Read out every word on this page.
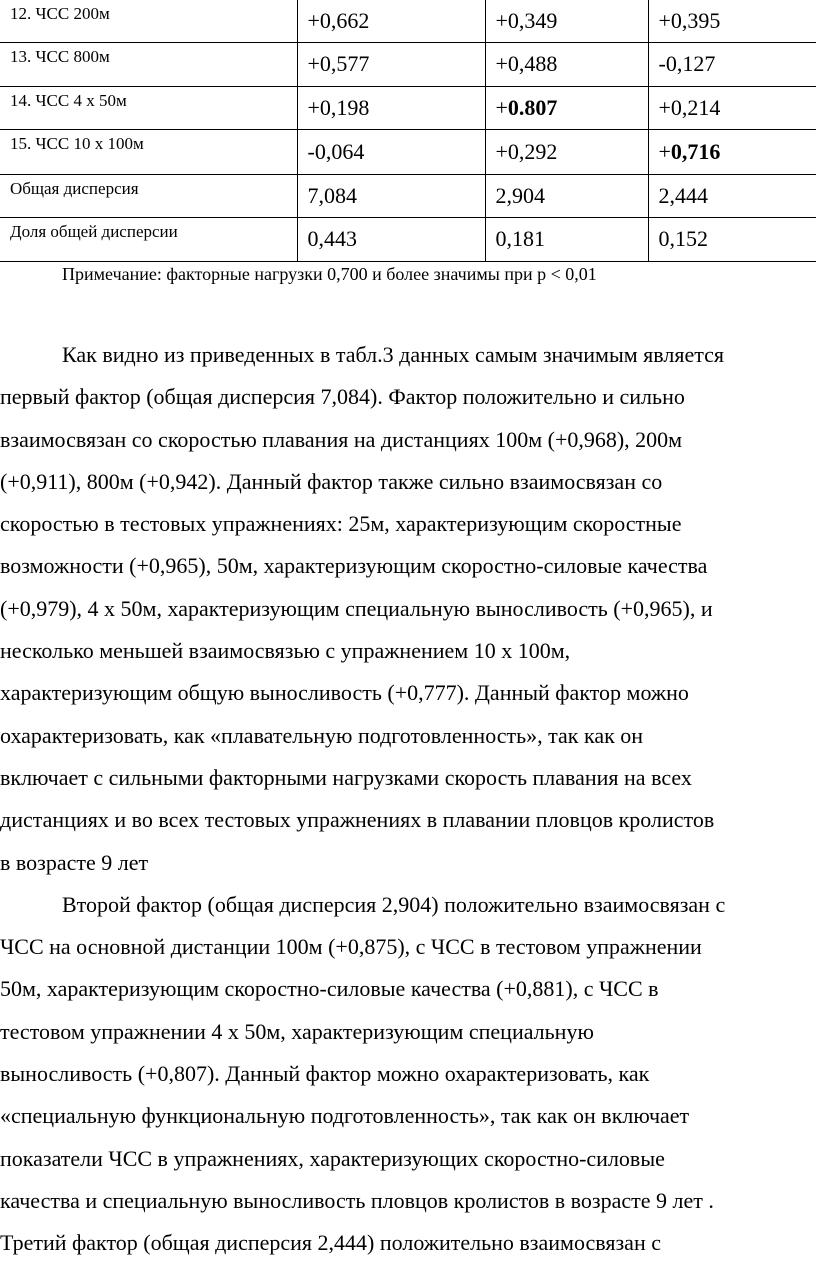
12. ЧСС 200м	+0,662	+0,349	+0,395
13. ЧСС 800м	+0,577	+0,488	-0,127
14. ЧСС 4 х 50м	+0,198	+0.807	+0,214
15. ЧСС 10 х 100м	-0,064	+0,292	+0,716
Общая дисперсия	7,084	2,904	2,444
Доля общей дисперсии	0,443	0,181	0,152
Примечание: факторные нагрузки 0,700 и более значимы при р < 0,01
Как видно из приведенных в табл.3 данных самым значимым является
первый фактор (общая дисперсия 7,084). Фактор положительно и сильно
взаимосвязан со скоростью плавания на дистанциях 100м (+0,968), 200м
(+0,911), 800м (+0,942). Данный фактор также сильно взаимосвязан со
скоростью в тестовых упражнениях: 25м, характеризующим скоростные
возможности (+0,965), 50м, характеризующим скоростно-силовые качества
(+0,979), 4 х 50м, характеризующим специальную выносливость (+0,965), и
несколько меньшей взаимосвязью с упражнением 10 х 100м,
характеризующим общую выносливость (+0,777). Данный фактор можно
охарактеризовать, как «плавательную подготовленность», так как он
включает с сильными факторными нагрузками скорость плавания на всех
дистанциях и во всех тестовых упражнениях в плавании пловцов кролистов
в возрасте 9 лет
Второй фактор (общая дисперсия 2,904) положительно взаимосвязан с
ЧСС на основной дистанции 100м (+0,875), с ЧСС в тестовом упражнении
50м, характеризующим скоростно-силовые качества (+0,881), с ЧСС в
тестовом упражнении 4 х 50м, характеризующим специальную
выносливость (+0,807). Данный фактор можно охарактеризовать, как
«специальную функциональную подготовленность», так как он включает
показатели ЧСС в упражнениях, характеризующих скоростно-силовые
качества и специальную выносливость пловцов кролистов в возрасте 9 лет .
Третий фактор (общая дисперсия 2,444) положительно взаимосвязан с
